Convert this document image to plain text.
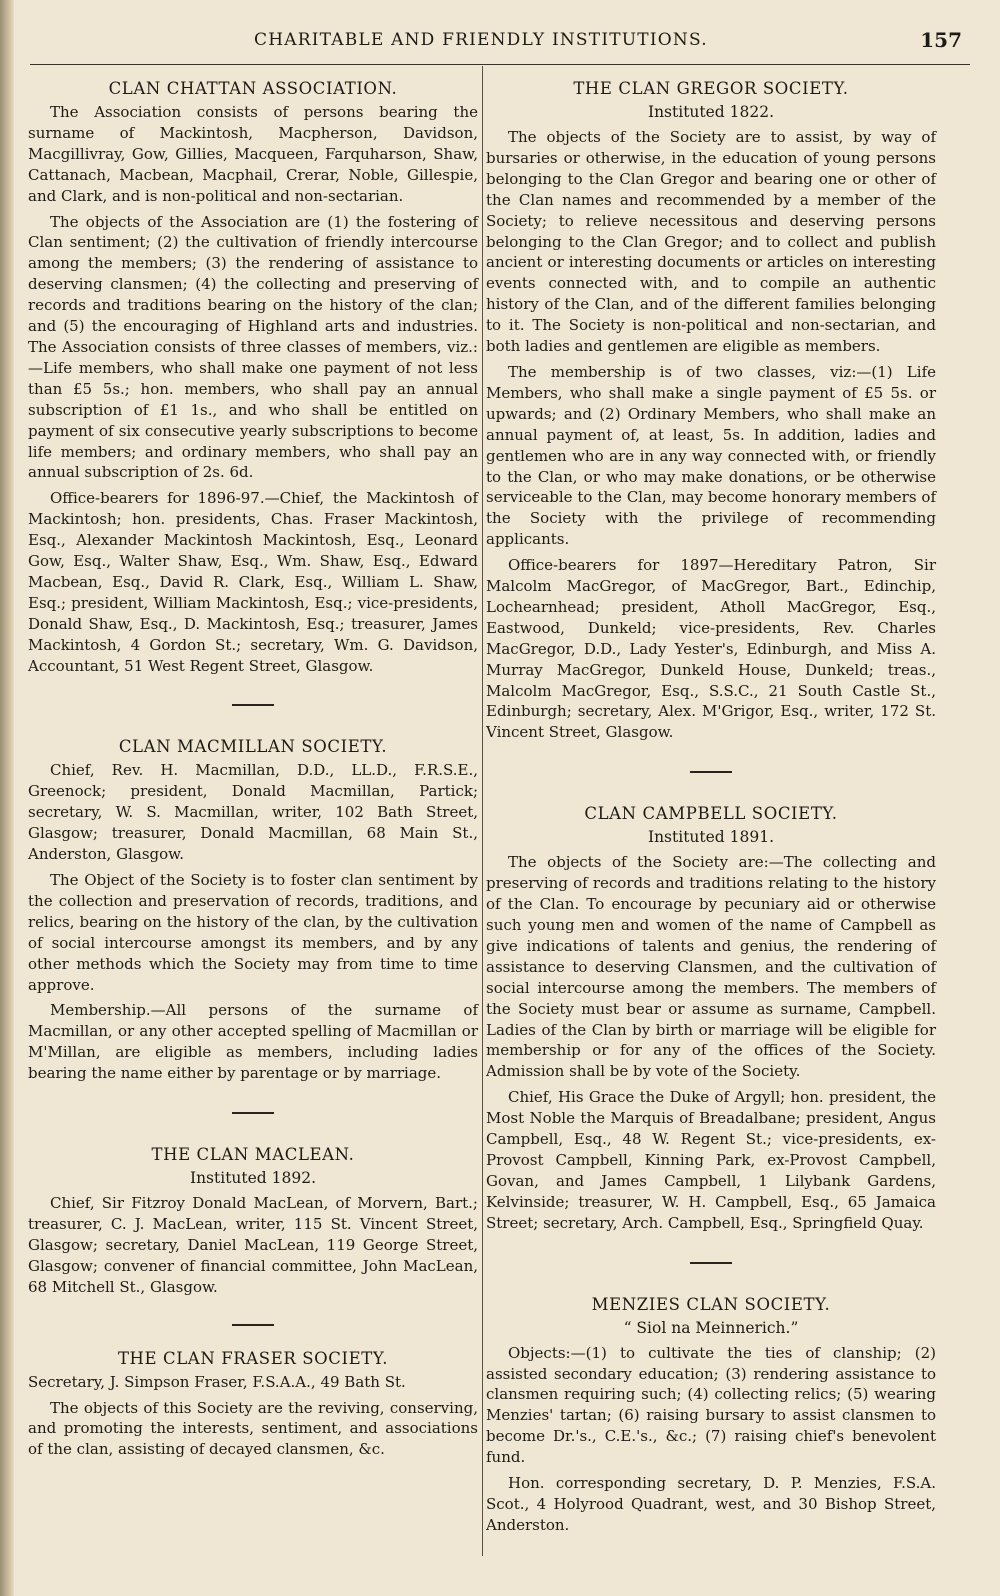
CHARITABLE AND FRIENDLY INSTITUTIONS.	157
CLAN CHATTAN ASSOCIATION.

The Association consists of persons bearing the surname of Mackintosh, Macpherson, Davidson, Macgillivray, Gow, Gillies, Macqueen, Farquharson, Shaw, Cattanach, Macbean, Macphail, Crerar, Noble, Gillespie, and Clark, and is non-political and non-sectarian.

The objects of the Association are (1) the fostering of Clan sentiment; (2) the cultivation of friendly intercourse among the members; (3) the rendering of assistance to deserving clansmen; (4) the collecting and preserving of records and traditions bearing on the history of the clan; and (5) the encouraging of Highland arts and industries. The Association consists of three classes of members, viz.:—Life members, who shall make one payment of not less than £5 5s.; hon. members, who shall pay an annual subscription of £1 1s., and who shall be entitled on payment of six consecutive yearly subscriptions to become life members; and ordinary members, who shall pay an annual subscription of 2s. 6d.

Office-bearers for 1896-97.—Chief, the Mackintosh of Mackintosh; hon. presidents, Chas. Fraser Mackintosh, Esq., Alexander Mackintosh Mackintosh, Esq., Leonard Gow, Esq., Walter Shaw, Esq., Wm. Shaw, Esq., Edward Macbean, Esq., David R. Clark, Esq., William L. Shaw, Esq.; president, William Mackintosh, Esq.; vice-presidents, Donald Shaw, Esq., D. Mackintosh, Esq.; treasurer, James Mackintosh, 4 Gordon St.; secretary, Wm. G. Davidson, Accountant, 51 West Regent Street, Glasgow.

CLAN MACMILLAN SOCIETY.

Chief, Rev. H. Macmillan, D.D., LL.D., F.R.S.E., Greenock; president, Donald Macmillan, Partick; secretary, W. S. Macmillan, writer, 102 Bath Street, Glasgow; treasurer, Donald Macmillan, 68 Main St., Anderston, Glasgow.

The Object of the Society is to foster clan sentiment by the collection and preservation of records, traditions, and relics, bearing on the history of the clan, by the cultivation of social intercourse amongst its members, and by any other methods which the Society may from time to time approve.

Membership.—All persons of the surname of Macmillan, or any other accepted spelling of Macmillan or M'Millan, are eligible as members, including ladies bearing the name either by parentage or by marriage.

THE CLAN MACLEAN.
Instituted 1892.

Chief, Sir Fitzroy Donald MacLean, of Morvern, Bart.; treasurer, C. J. MacLean, writer, 115 St. Vincent Street, Glasgow; secretary, Daniel MacLean, 119 George Street, Glasgow; convener of financial committee, John MacLean, 68 Mitchell St., Glasgow.

THE CLAN FRASER SOCIETY.

Secretary, J. Simpson Fraser, F.S.A.A., 49 Bath St.

The objects of this Society are the reviving, conserving, and promoting the interests, sentiment, and associations of the clan, assisting of decayed clansmen, &c.

THE CLAN GREGOR SOCIETY.
Instituted 1822.

The objects of the Society are to assist, by way of bursaries or otherwise, in the education of young persons belonging to the Clan Gregor and bearing one or other of the Clan names and recommended by a member of the Society; to relieve necessitous and deserving persons belonging to the Clan Gregor; and to collect and publish ancient or interesting documents or articles on interesting events connected with, and to compile an authentic history of the Clan, and of the different families belonging to it. The Society is non-political and non-sectarian, and both ladies and gentlemen are eligible as members.

The membership is of two classes, viz:—(1) Life Members, who shall make a single payment of £5 5s. or upwards; and (2) Ordinary Members, who shall make an annual payment of, at least, 5s. In addition, ladies and gentlemen who are in any way connected with, or friendly to the Clan, or who may make donations, or be otherwise serviceable to the Clan, may become honorary members of the Society with the privilege of recommending applicants.

Office-bearers for 1897—Hereditary Patron, Sir Malcolm MacGregor, of MacGregor, Bart., Edinchip, Lochearnhead; president, Atholl MacGregor, Esq., Eastwood, Dunkeld; vice-presidents, Rev. Charles MacGregor, D.D., Lady Yester's, Edinburgh, and Miss A. Murray MacGregor, Dunkeld House, Dunkeld; treas., Malcolm MacGregor, Esq., S.S.C., 21 South Castle St., Edinburgh; secretary, Alex. M'Grigor, Esq., writer, 172 St. Vincent Street, Glasgow.

CLAN CAMPBELL SOCIETY.
Instituted 1891.

The objects of the Society are:—The collecting and preserving of records and traditions relating to the history of the Clan. To encourage by pecuniary aid or otherwise such young men and women of the name of Campbell as give indications of talents and genius, the rendering of assistance to deserving Clansmen, and the cultivation of social intercourse among the members. The members of the Society must bear or assume as surname, Campbell. Ladies of the Clan by birth or marriage will be eligible for membership or for any of the offices of the Society. Admission shall be by vote of the Society.

Chief, His Grace the Duke of Argyll; hon. president, the Most Noble the Marquis of Breadalbane; president, Angus Campbell, Esq., 48 W. Regent St.; vice-presidents, ex-Provost Campbell, Kinning Park, ex-Provost Campbell, Govan, and James Campbell, 1 Lilybank Gardens, Kelvinside; treasurer, W. H. Campbell, Esq., 65 Jamaica Street; secretary, Arch. Campbell, Esq., Springfield Quay.

MENZIES CLAN SOCIETY.
“ Siol na Meinnerich.”

Objects:—(1) to cultivate the ties of clanship; (2) assisted secondary education; (3) rendering assistance to clansmen requiring such; (4) collecting relics; (5) wearing Menzies' tartan; (6) raising bursary to assist clansmen to become Dr.'s., C.E.'s., &c.; (7) raising chief's benevolent fund.

Hon. corresponding secretary, D. P. Menzies, F.S.A. Scot., 4 Holyrood Quadrant, west, and 30 Bishop Street, Anderston.
